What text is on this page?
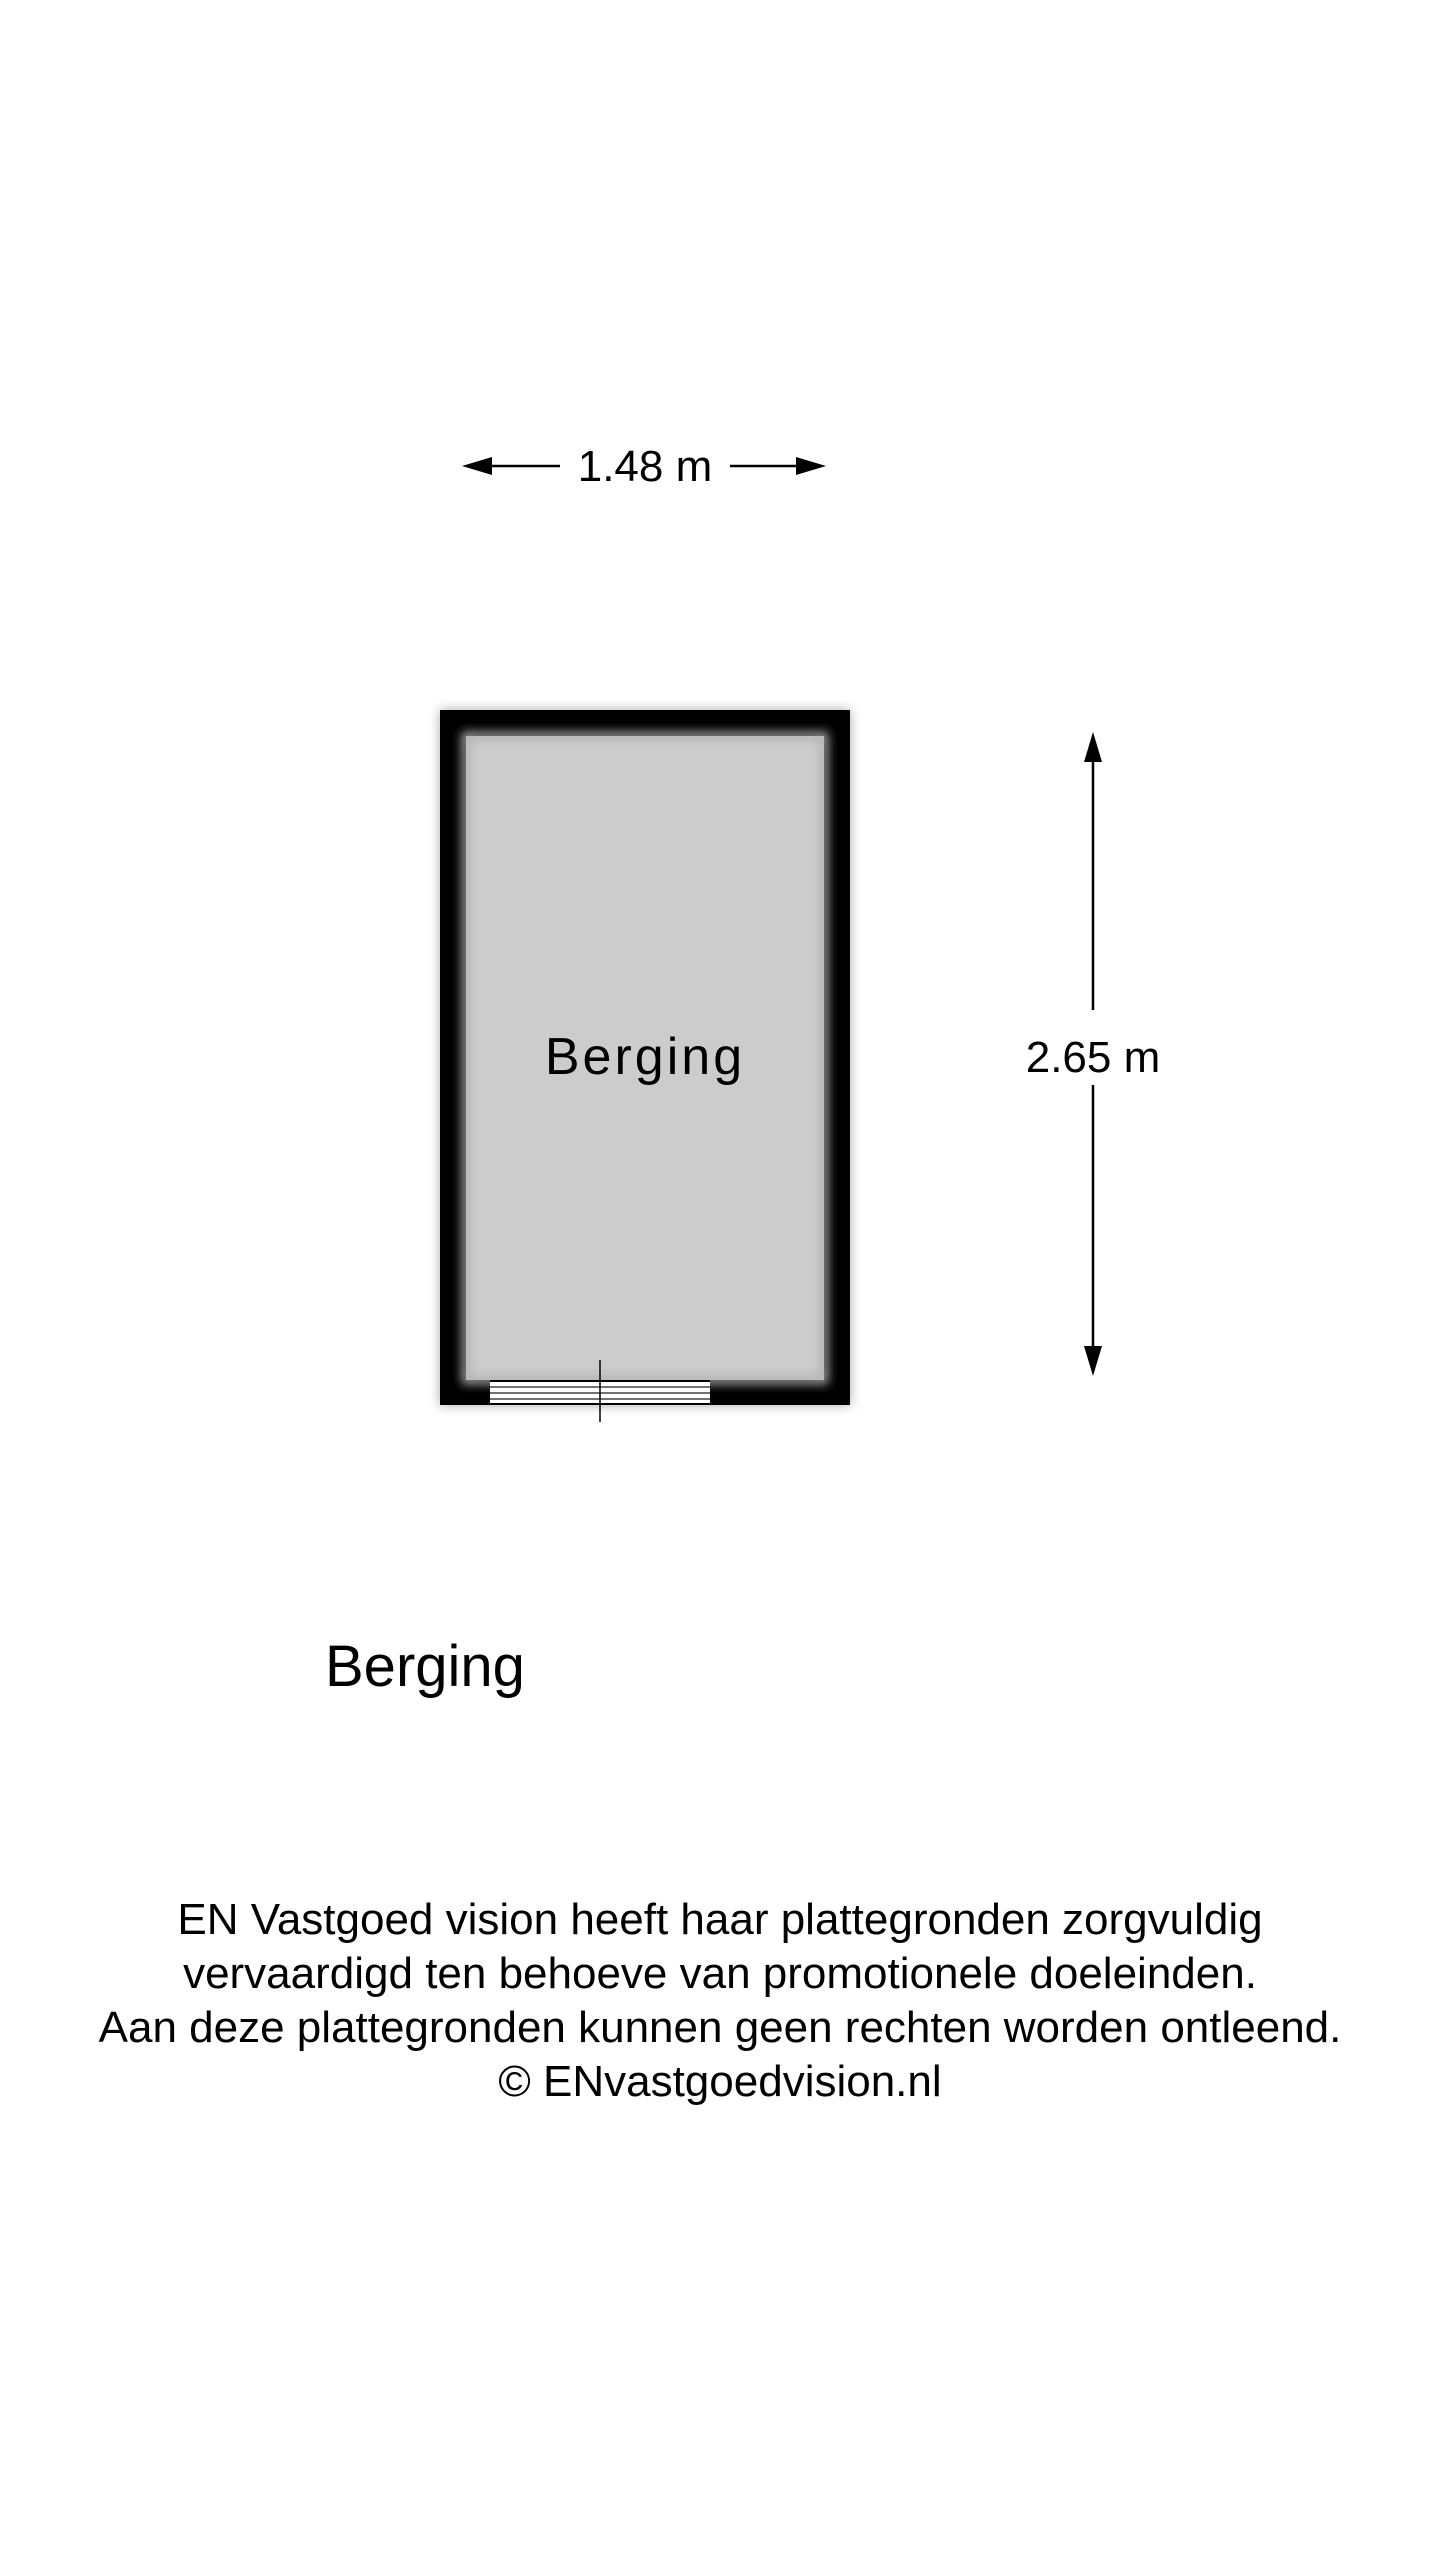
1.48 m
Berging	2.65 m
Berging
EN Vastgoed vision heeft haar plattegronden zorgvuldig
vervaardigd ten behoeve van promotionele doeleinden.
Aan deze plattegronden kunnen geen rechten worden ontleend.
© ENvastgoedvision.nl
